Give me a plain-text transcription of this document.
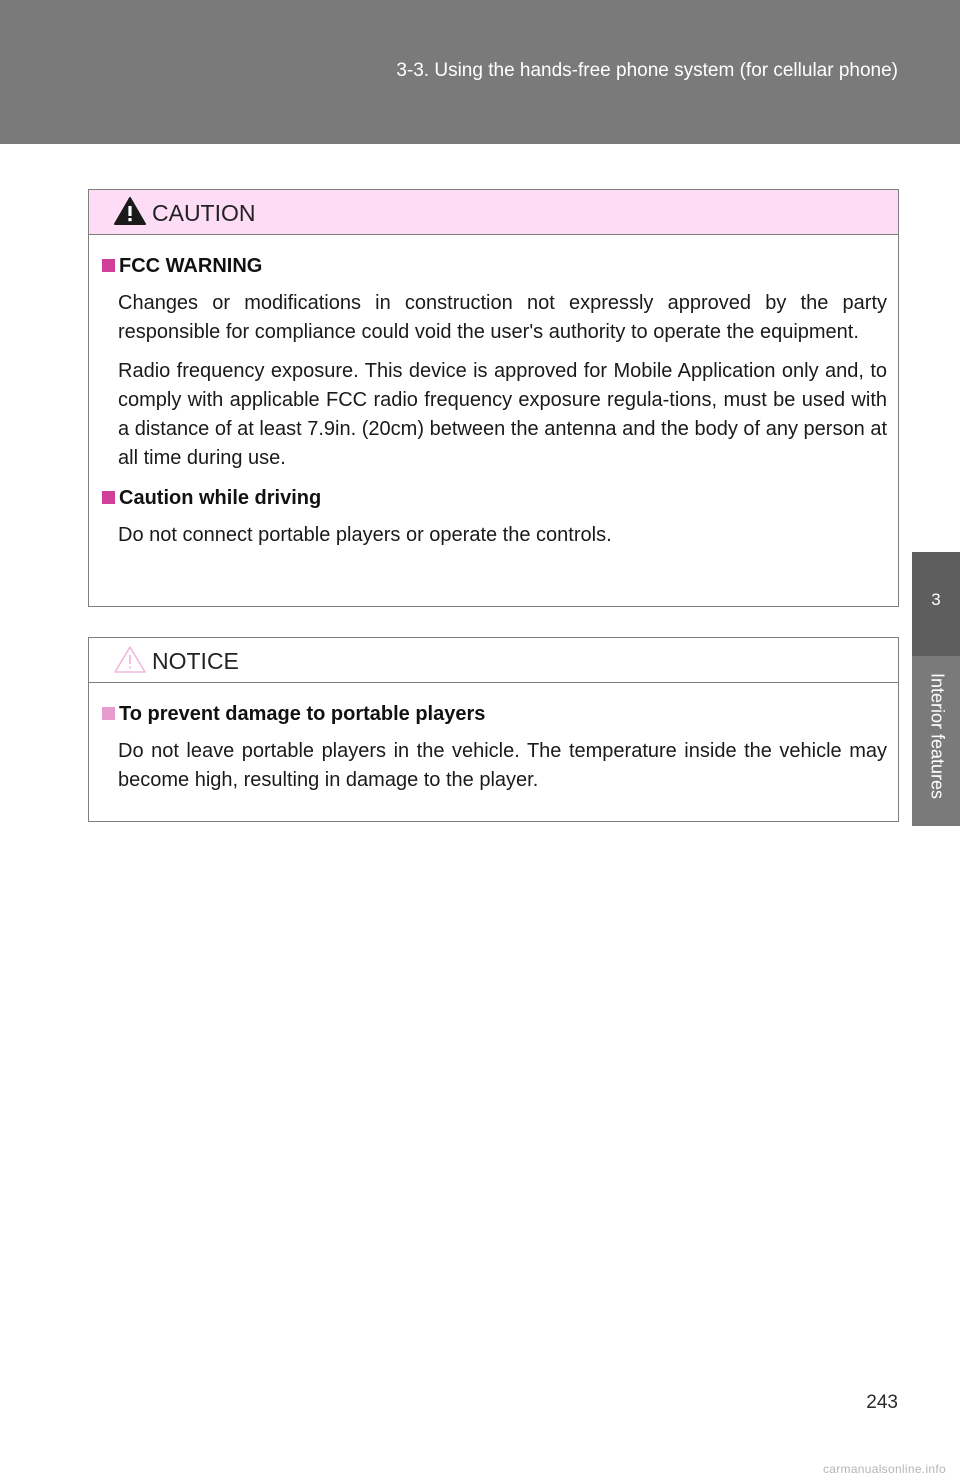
3-3. Using the hands-free phone system (for cellular phone)
3
Interior features
CAUTION
FCC WARNING

Changes or modifications in construction not expressly approved by the party responsible for compliance could void the user's authority to operate the equipment.

Radio frequency exposure. This device is approved for Mobile Application only and, to comply with applicable FCC radio frequency exposure regula-tions, must be used with a distance of at least 7.9in. (20cm) between the antenna and the body of any person at all time during use.

Caution while driving

Do not connect portable players or operate the controls.

NOTICE
To prevent damage to portable players

Do not leave portable players in the vehicle. The temperature inside the vehicle may become high, resulting in damage to the player.

243
carmanualsonline.info
